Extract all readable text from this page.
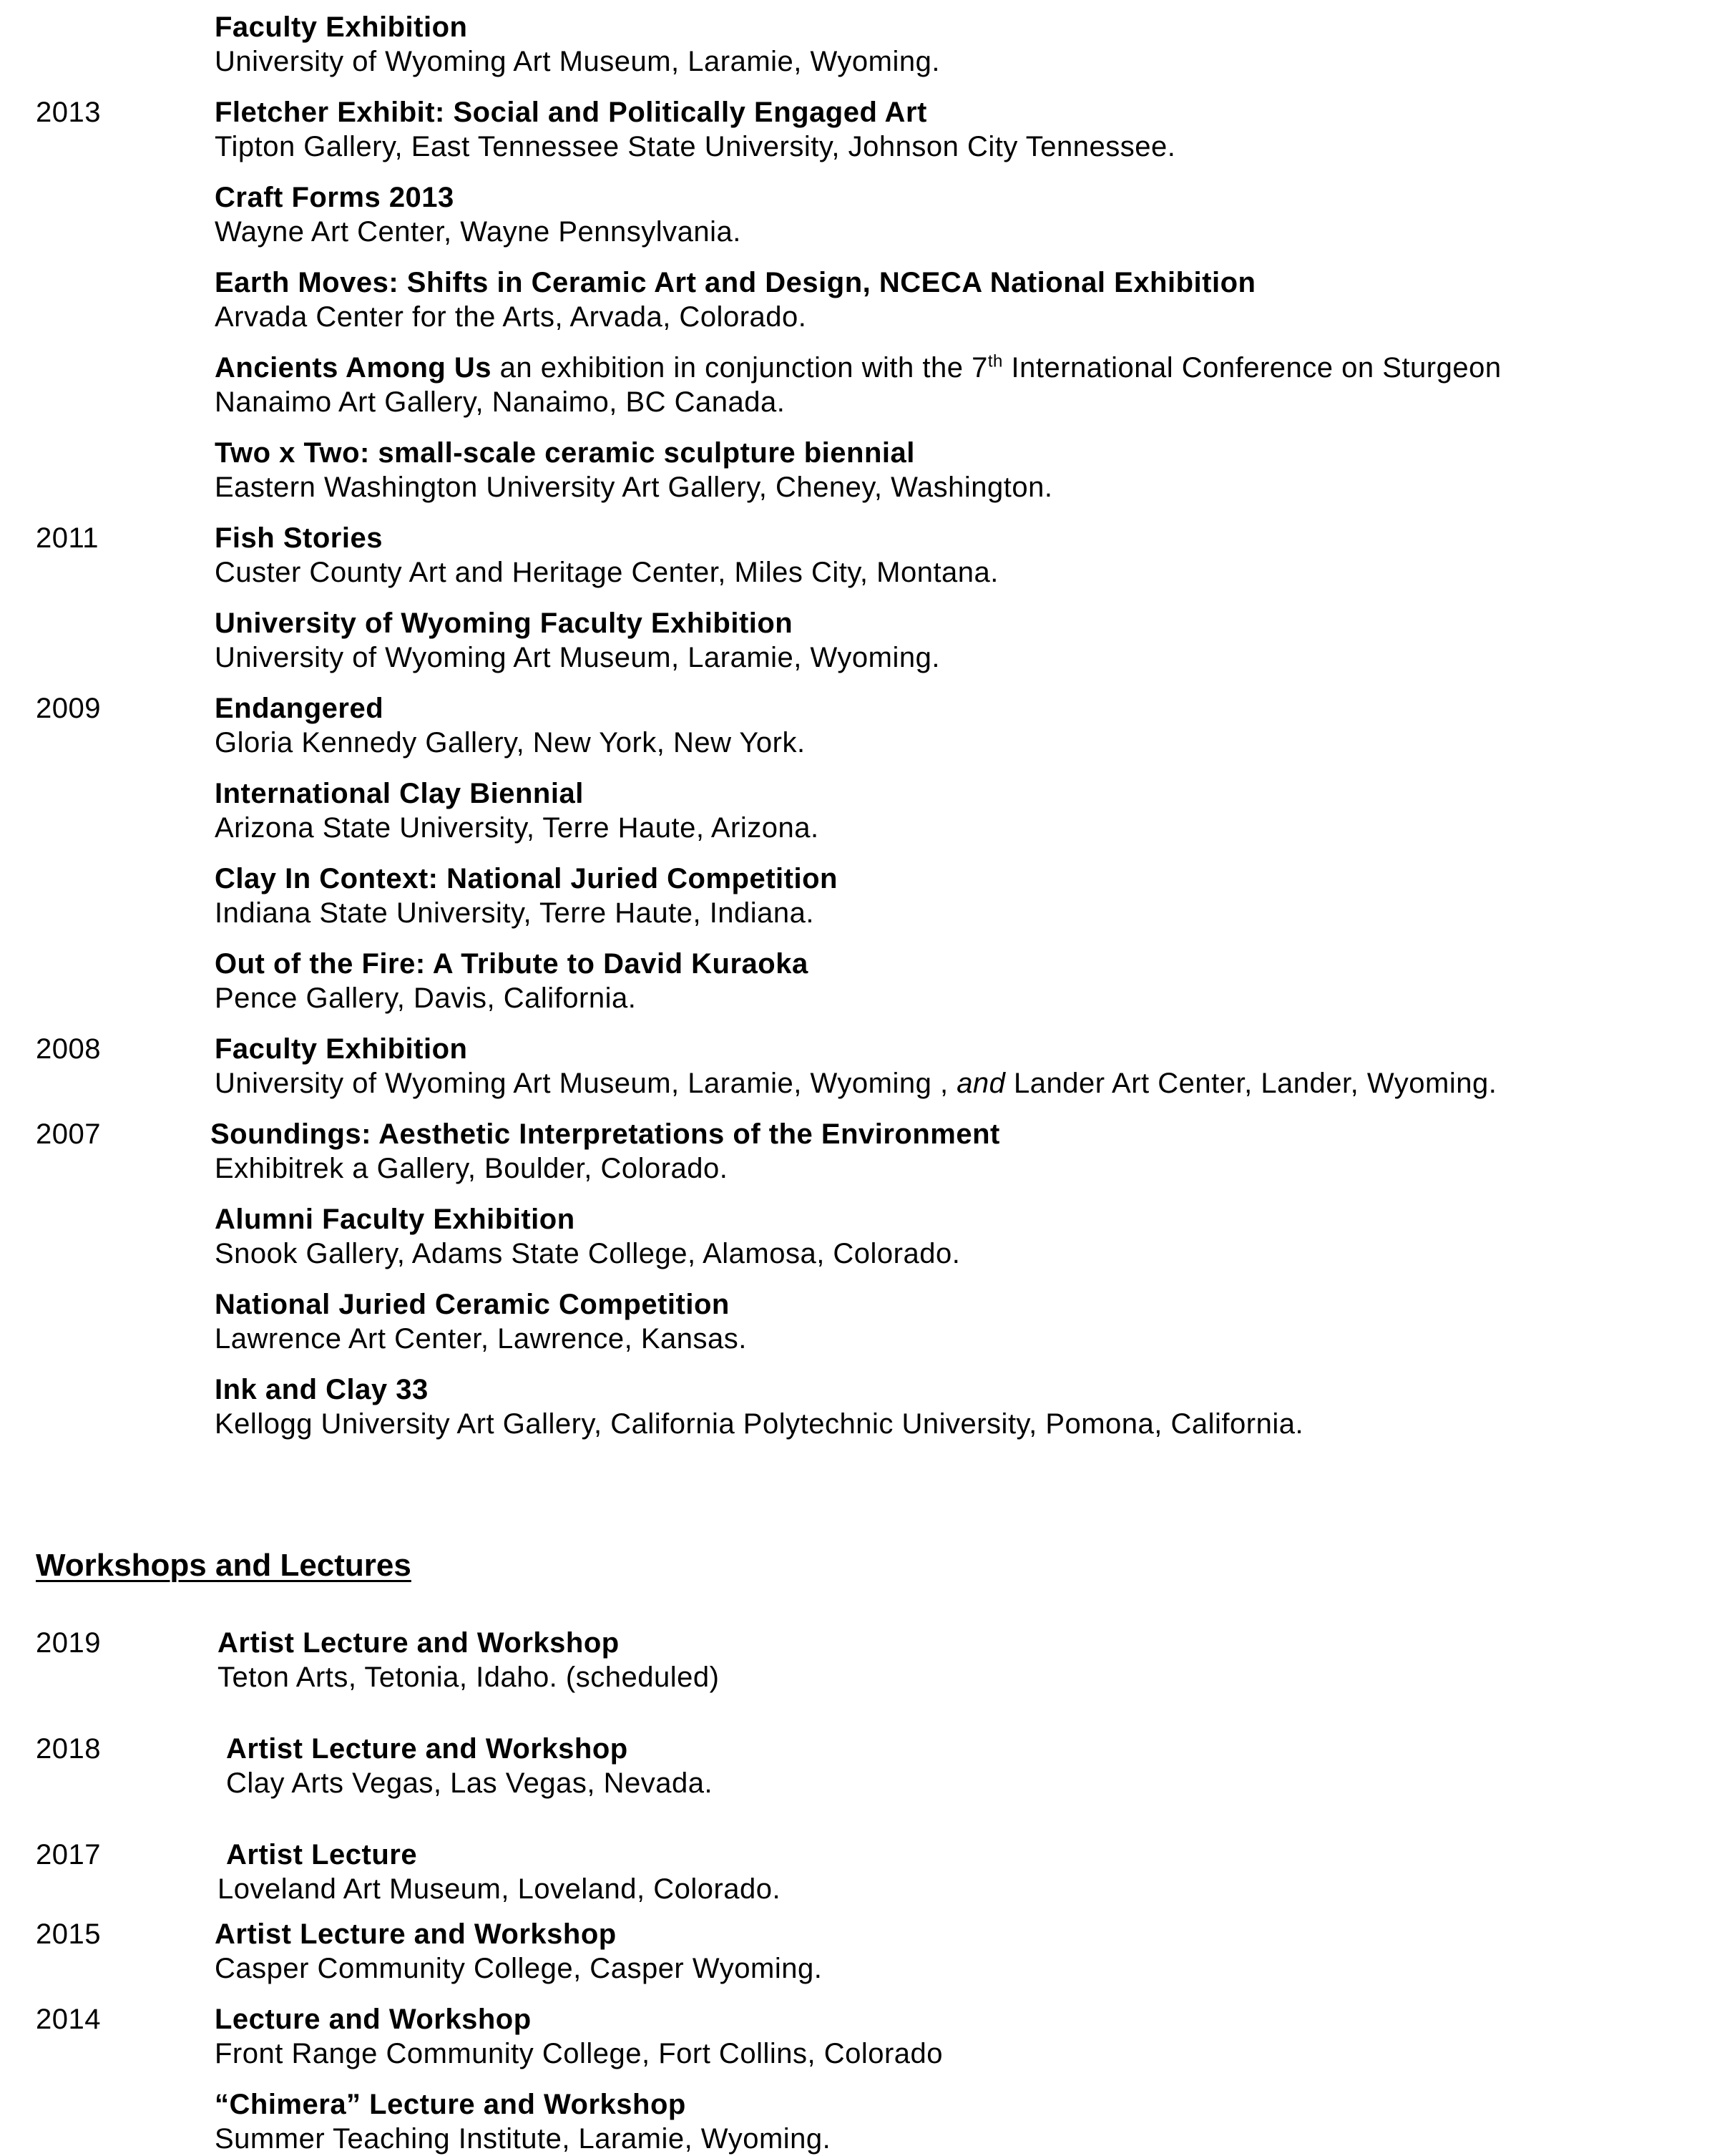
Faculty Exhibition
University of Wyoming Art Museum, Laramie, Wyoming.
2013	Fletcher Exhibit: Social and Politically Engaged Art
Tipton Gallery, East Tennessee State University, Johnson City Tennessee.
Craft Forms 2013
Wayne Art Center, Wayne Pennsylvania.
Earth Moves: Shifts in Ceramic Art and Design, NCECA National Exhibition
Arvada Center for the Arts, Arvada, Colorado.
Ancients Among Us an exhibition in conjunction with the 7th International Conference on Sturgeon
Nanaimo Art Gallery, Nanaimo, BC Canada.
Two x Two: small-scale ceramic sculpture biennial
Eastern Washington University Art Gallery, Cheney, Washington.
2011	Fish Stories
Custer County Art and Heritage Center, Miles City, Montana.
University of Wyoming Faculty Exhibition
University of Wyoming Art Museum, Laramie, Wyoming.
2009	Endangered
Gloria Kennedy Gallery, New York, New York.
International Clay Biennial
Arizona State University, Terre Haute, Arizona.
Clay In Context: National Juried Competition
Indiana State University, Terre Haute, Indiana.
Out of the Fire: A Tribute to David Kuraoka
Pence Gallery, Davis, California.
2008	Faculty Exhibition
University of Wyoming Art Museum, Laramie, Wyoming , and Lander Art Center, Lander, Wyoming.
2007	Soundings: Aesthetic Interpretations of the Environment
Exhibitrek a Gallery, Boulder, Colorado.
Alumni Faculty Exhibition
Snook Gallery, Adams State College, Alamosa, Colorado.
National Juried Ceramic Competition
Lawrence Art Center, Lawrence, Kansas.
Ink and Clay 33
Kellogg University Art Gallery, California Polytechnic University, Pomona, California.
Workshops and Lectures
2019	Artist Lecture and Workshop
Teton Arts, Tetonia, Idaho. (scheduled)
2018	Artist Lecture and Workshop
Clay Arts Vegas, Las Vegas, Nevada.
2017	Artist Lecture
Loveland Art Museum, Loveland, Colorado.
2015	Artist Lecture and Workshop
Casper Community College, Casper Wyoming.
2014	Lecture and Workshop
Front Range Community College, Fort Collins, Colorado
“Chimera” Lecture and Workshop
Summer Teaching Institute, Laramie, Wyoming.
